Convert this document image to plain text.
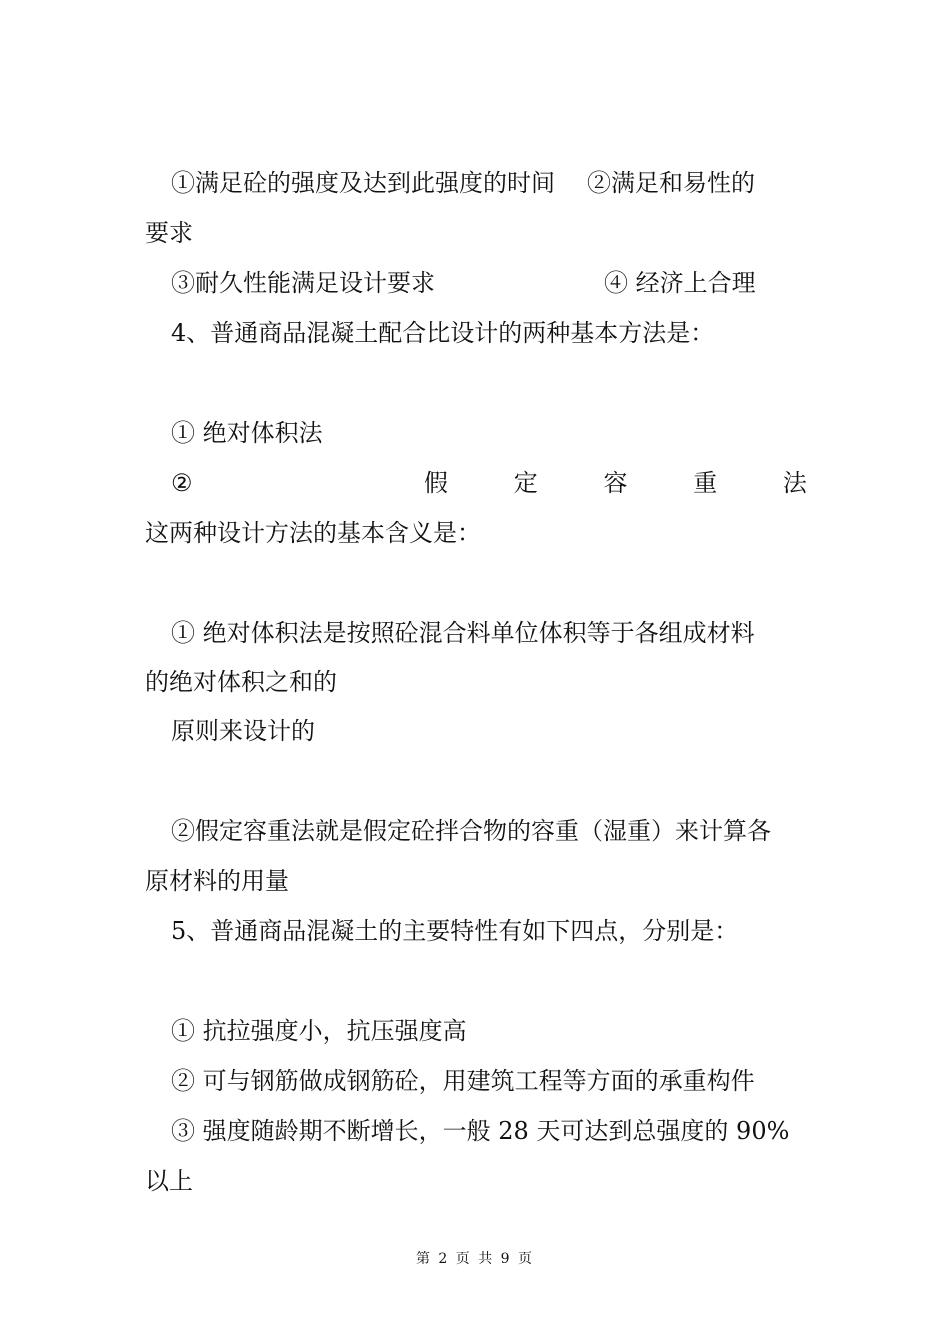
①满足砼的强度及达到此强度的时间 ②满足和易性的
要求
③耐久性能满足设计要求	④ 经济上合理
4、普通商品混凝土配合比设计的两种基本方法是：
① 绝对体积法
②	假	定	容	重	法
这两种设计方法的基本含义是：
① 绝对体积法是按照砼混合料单位体积等于各组成材料
的绝对体积之和的
原则来设计的
②假定容重法就是假定砼拌合物的容重（湿重）来计算各
原材料的用量
5、普通商品混凝土的主要特性有如下四点，分别是：
① 抗拉强度小，抗压强度高
② 可与钢筋做成钢筋砼，用建筑工程等方面的承重构件
③ 强度随龄期不断增长，一般 28 天可达到总强度的 90%
以上
第 2 页 共 9 页
